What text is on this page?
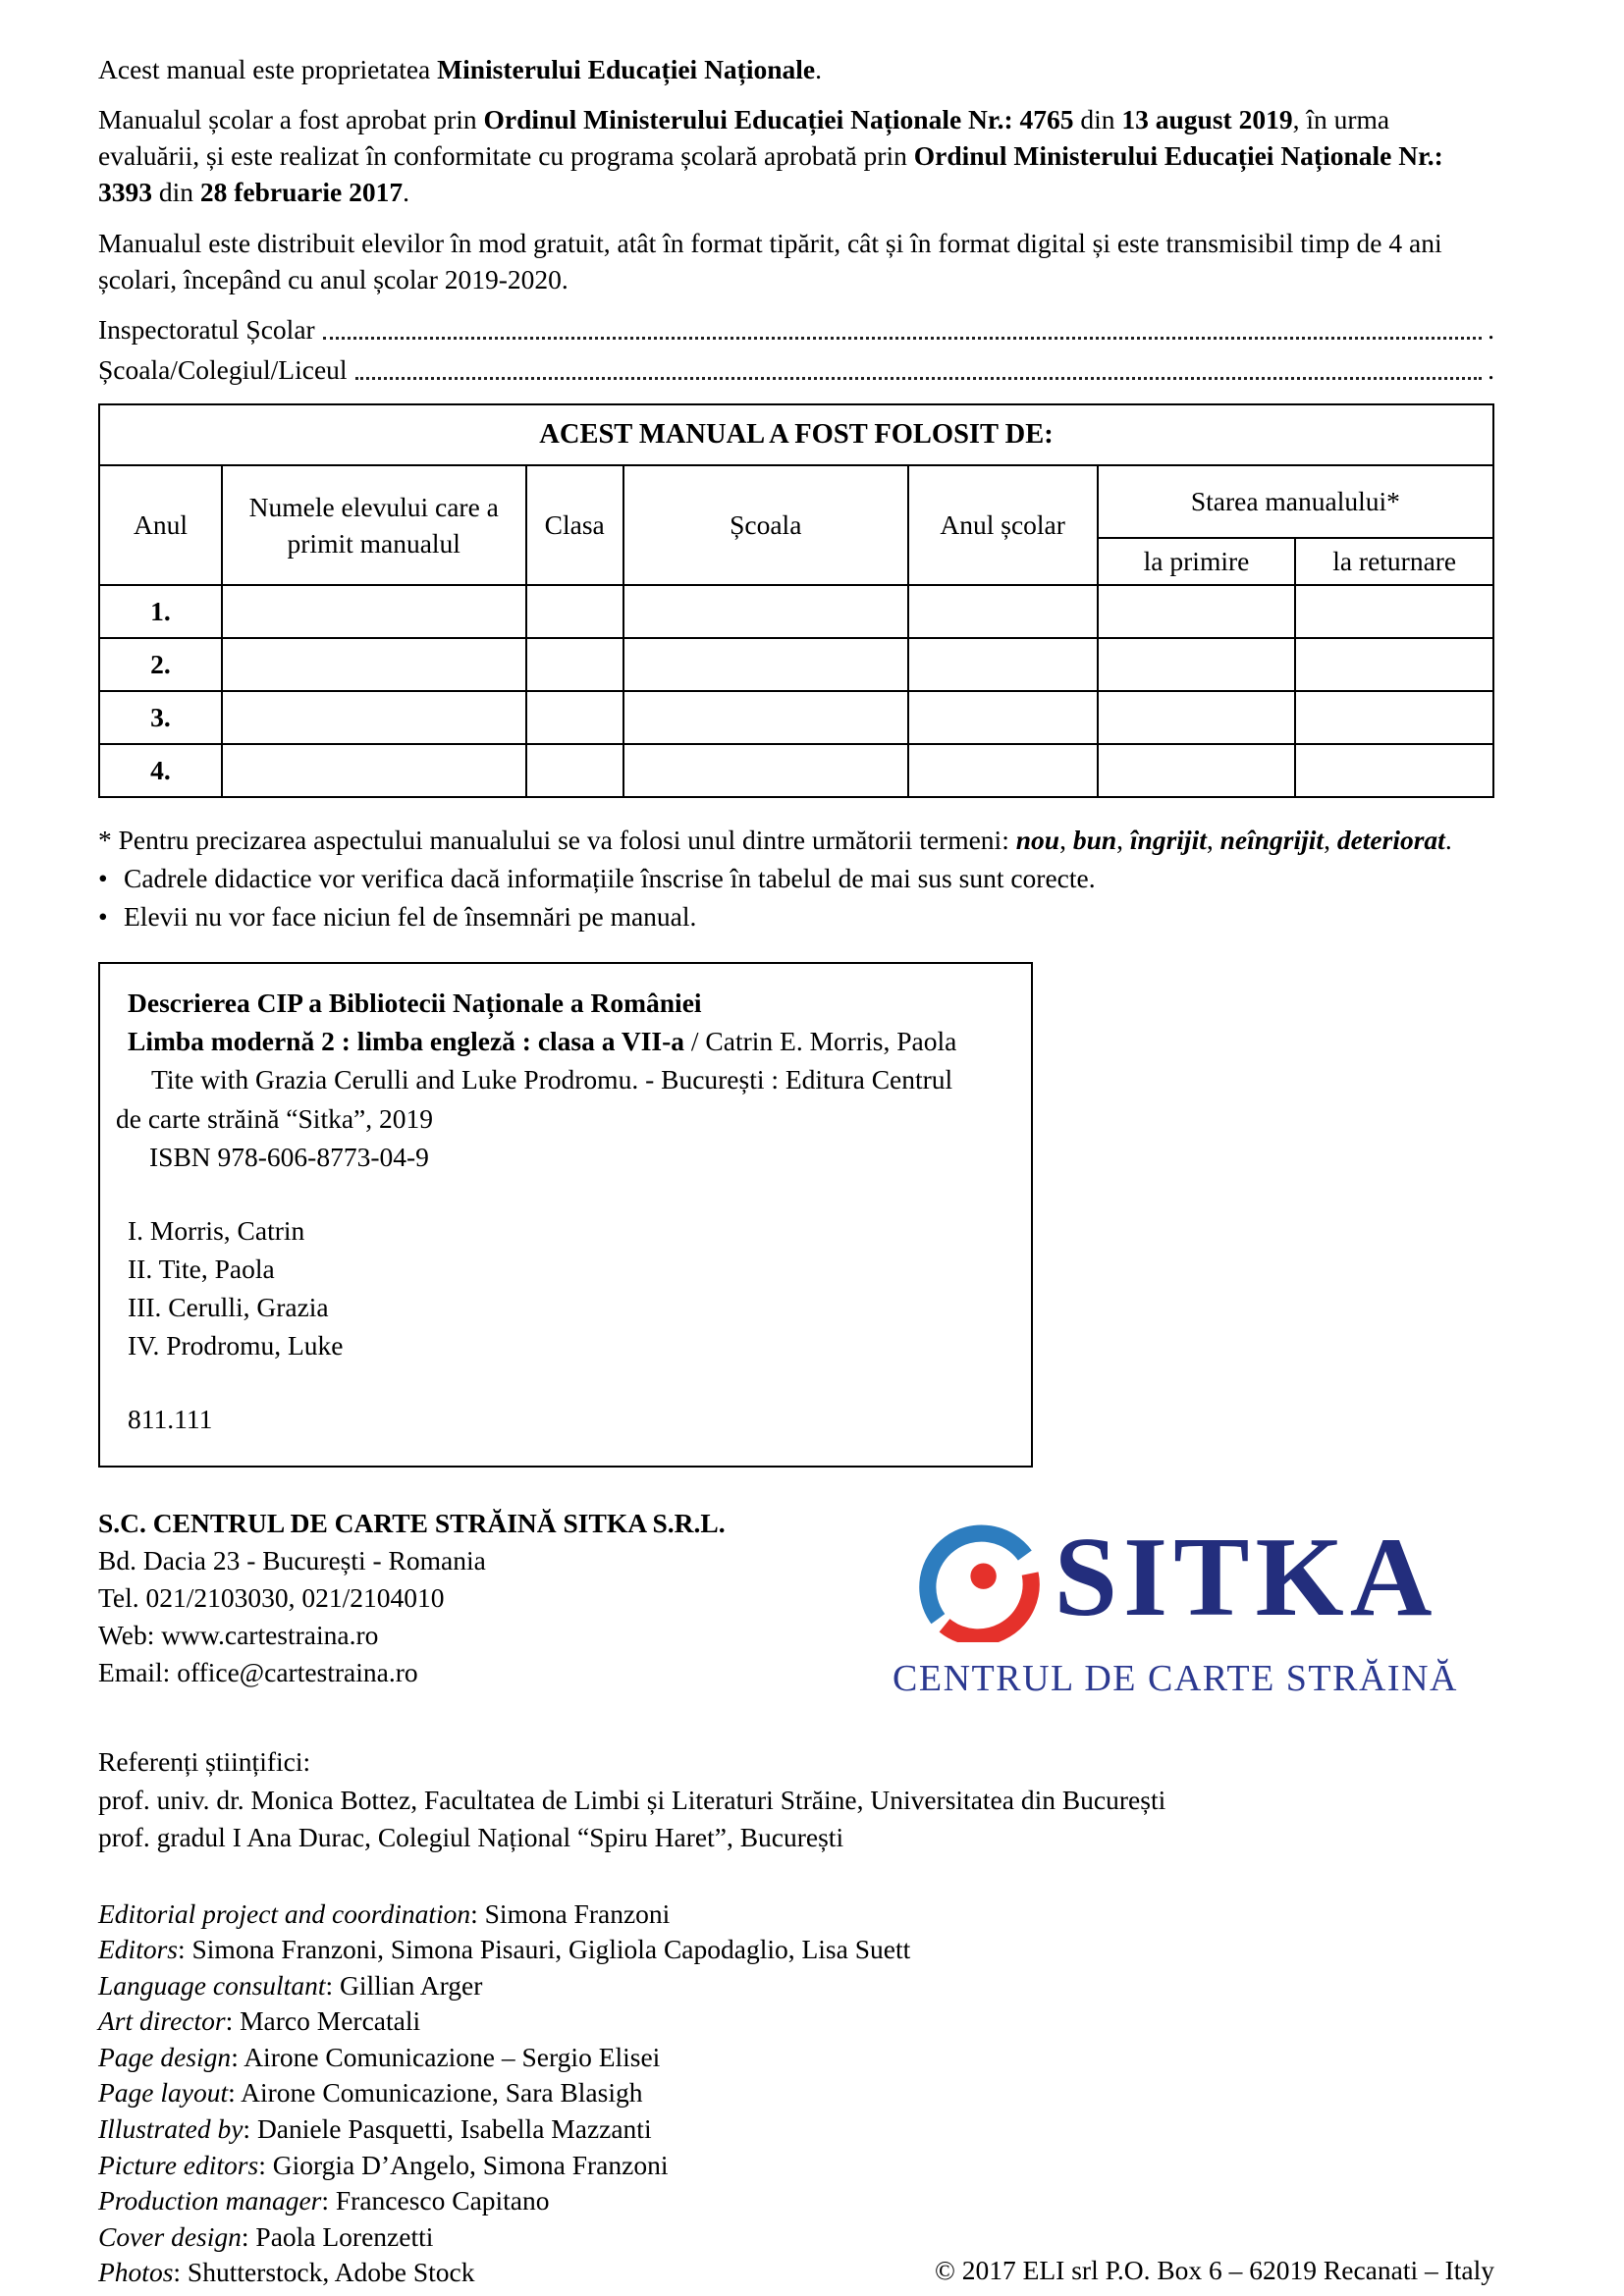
Acest manual este proprietatea Ministerului Educației Naționale.

Manualul școlar a fost aprobat prin Ordinul Ministerului Educației Naționale Nr.: 4765 din 13 august 2019, în urma evaluării, și este realizat în conformitate cu programa școlară aprobată prin Ordinul Ministerului Educației Naționale Nr.: 3393 din 28 februarie 2017.

Manualul este distribuit elevilor în mod gratuit, atât în format tipărit, cât și în format digital și este transmisibil timp de 4 ani școlari, începând cu anul școlar 2019-2020.

Inspectoratul Școlar	.
Școala/Colegiul/Liceul	.
ACEST MANUAL A FOST FOLOSIT DE:						
Anul	Numele elevului care a primit manualul	Clasa	Școala	Anul școlar	Starea manualului*	
					la primire	la returnare
1.						
2.						
3.						
4.						
* Pentru precizarea aspectului manualului se va folosi unul dintre următorii termeni: nou, bun, îngrijit, neîngrijit, deteriorat.
• Cadrele didactice vor verifica dacă informațiile înscrise în tabelul de mai sus sunt corecte.
• Elevii nu vor face niciun fel de însemnări pe manual.
Descrierea CIP a Bibliotecii Naționale a României
Limba modernă 2 : limba engleză : clasa a VII-a / Catrin E. Morris, Paola
Tite with Grazia Cerulli and Luke Prodromu. - București : Editura Centrul
de carte străină “Sitka”, 2019
ISBN 978-606-8773-04-9
I. Morris, Catrin
II. Tite, Paola
III. Cerulli, Grazia
IV. Prodromu, Luke
811.111
S.C. CENTRUL DE CARTE STRĂINĂ SITKA S.R.L.
Bd. Dacia 23 - București - Romania
Tel. 021/2103030, 021/2104010
Web: www.cartestraina.ro
Email: office@cartestraina.ro
SITKA
CENTRUL DE CARTE STRĂINĂ
Referenți științifici:
prof. univ. dr. Monica Bottez, Facultatea de Limbi și Literaturi Străine, Universitatea din București
prof. gradul I Ana Durac, Colegiul Național “Spiru Haret”, București
Editorial project and coordination: Simona Franzoni
Editors: Simona Franzoni, Simona Pisauri, Gigliola Capodaglio, Lisa Suett
Language consultant: Gillian Arger
Art director: Marco Mercatali
Page design: Airone Comunicazione – Sergio Elisei
Page layout: Airone Comunicazione, Sara Blasigh
Illustrated by: Daniele Pasquetti, Isabella Mazzanti
Picture editors: Giorgia D’Angelo, Simona Franzoni
Production manager: Francesco Capitano
Cover design: Paola Lorenzetti
Photos: Shutterstock, Adobe Stock	© 2017 ELI srl P.O. Box 6 – 62019 Recanati – Italy
